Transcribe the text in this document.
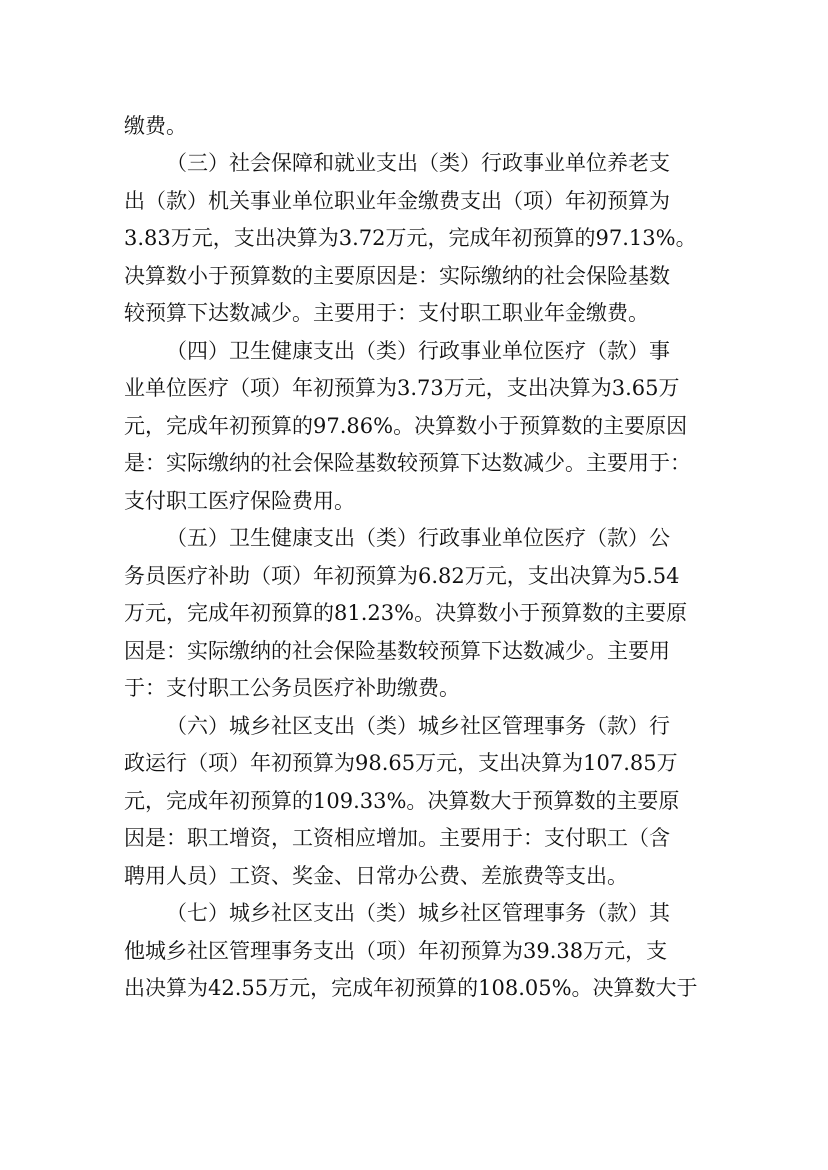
缴费。
（三）社会保障和就业支出（类）行政事业单位养老支
出（款）机关事业单位职业年金缴费支出（项）年初预算为
3.83万元，支出决算为3.72万元，完成年初预算的97.13%。
决算数小于预算数的主要原因是：实际缴纳的社会保险基数
较预算下达数减少。主要用于：支付职工职业年金缴费。
（四）卫生健康支出（类）行政事业单位医疗（款）事
业单位医疗（项）年初预算为3.73万元，支出决算为3.65万
元，完成年初预算的97.86%。决算数小于预算数的主要原因
是：实际缴纳的社会保险基数较预算下达数减少。主要用于：
支付职工医疗保险费用。
（五）卫生健康支出（类）行政事业单位医疗（款）公
务员医疗补助（项）年初预算为6.82万元，支出决算为5.54
万元，完成年初预算的81.23%。决算数小于预算数的主要原
因是：实际缴纳的社会保险基数较预算下达数减少。主要用
于：支付职工公务员医疗补助缴费。
（六）城乡社区支出（类）城乡社区管理事务（款）行
政运行（项）年初预算为98.65万元，支出决算为107.85万
元，完成年初预算的109.33%。决算数大于预算数的主要原
因是：职工增资，工资相应增加。主要用于：支付职工（含
聘用人员）工资、奖金、日常办公费、差旅费等支出。
（七）城乡社区支出（类）城乡社区管理事务（款）其
他城乡社区管理事务支出（项）年初预算为39.38万元，支
出决算为42.55万元，完成年初预算的108.05%。决算数大于
